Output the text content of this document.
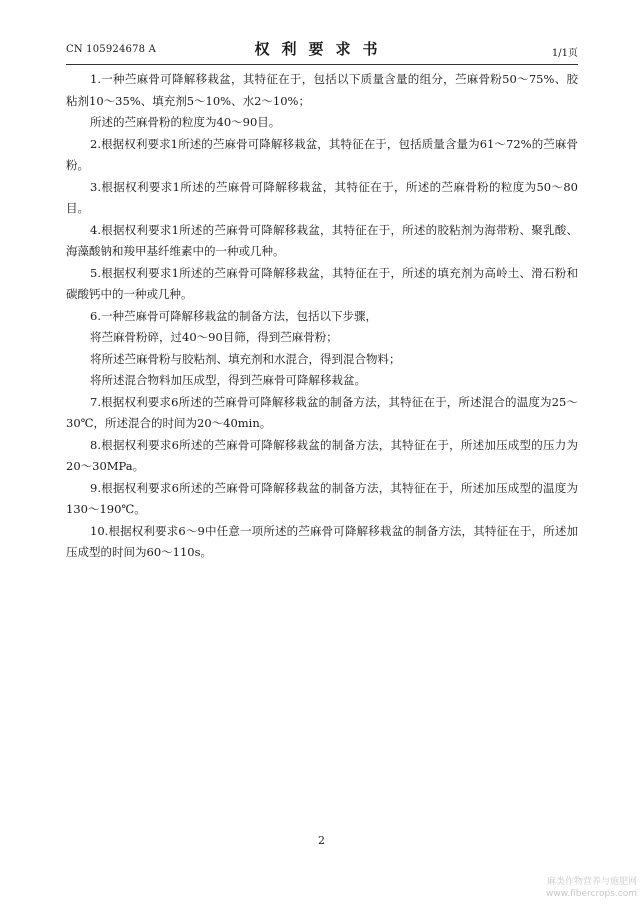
CN 105924678 A	权利要求书	1/1页

1.一种苎麻骨可降解移栽盆，其特征在于，包括以下质量含量的组分，苎麻骨粉50～75%、胶粘剂10～35%、填充剂5～10%、水2～10%；

所述的苎麻骨粉的粒度为40～90目。

2.根据权利要求1所述的苎麻骨可降解移栽盆，其特征在于，包括质量含量为61～72%的苎麻骨粉。

3.根据权利要求1所述的苎麻骨可降解移栽盆，其特征在于，所述的苎麻骨粉的粒度为50～80目。

4.根据权利要求1所述的苎麻骨可降解移栽盆，其特征在于，所述的胶粘剂为海带粉、聚乳酸、海藻酸钠和羧甲基纤维素中的一种或几种。

5.根据权利要求1所述的苎麻骨可降解移栽盆，其特征在于，所述的填充剂为高岭土、滑石粉和碳酸钙中的一种或几种。

6.一种苎麻骨可降解移栽盆的制备方法，包括以下步骤，

将苎麻骨粉碎，过40～90目筛，得到苎麻骨粉；

将所述苎麻骨粉与胶粘剂、填充剂和水混合，得到混合物料；

将所述混合物料加压成型，得到苎麻骨可降解移栽盆。

7.根据权利要求6所述的苎麻骨可降解移栽盆的制备方法，其特征在于，所述混合的温度为25～30℃，所述混合的时间为20～40min。

8.根据权利要求6所述的苎麻骨可降解移栽盆的制备方法，其特征在于，所述加压成型的压力为20～30MPa。

9.根据权利要求6所述的苎麻骨可降解移栽盆的制备方法，其特征在于，所述加压成型的温度为130～190℃。

10.根据权利要求6～9中任意一项所述的苎麻骨可降解移栽盆的制备方法，其特征在于，所述加压成型的时间为60～110s。

2
麻类作物营养与施肥网
www.fibercrops.com
